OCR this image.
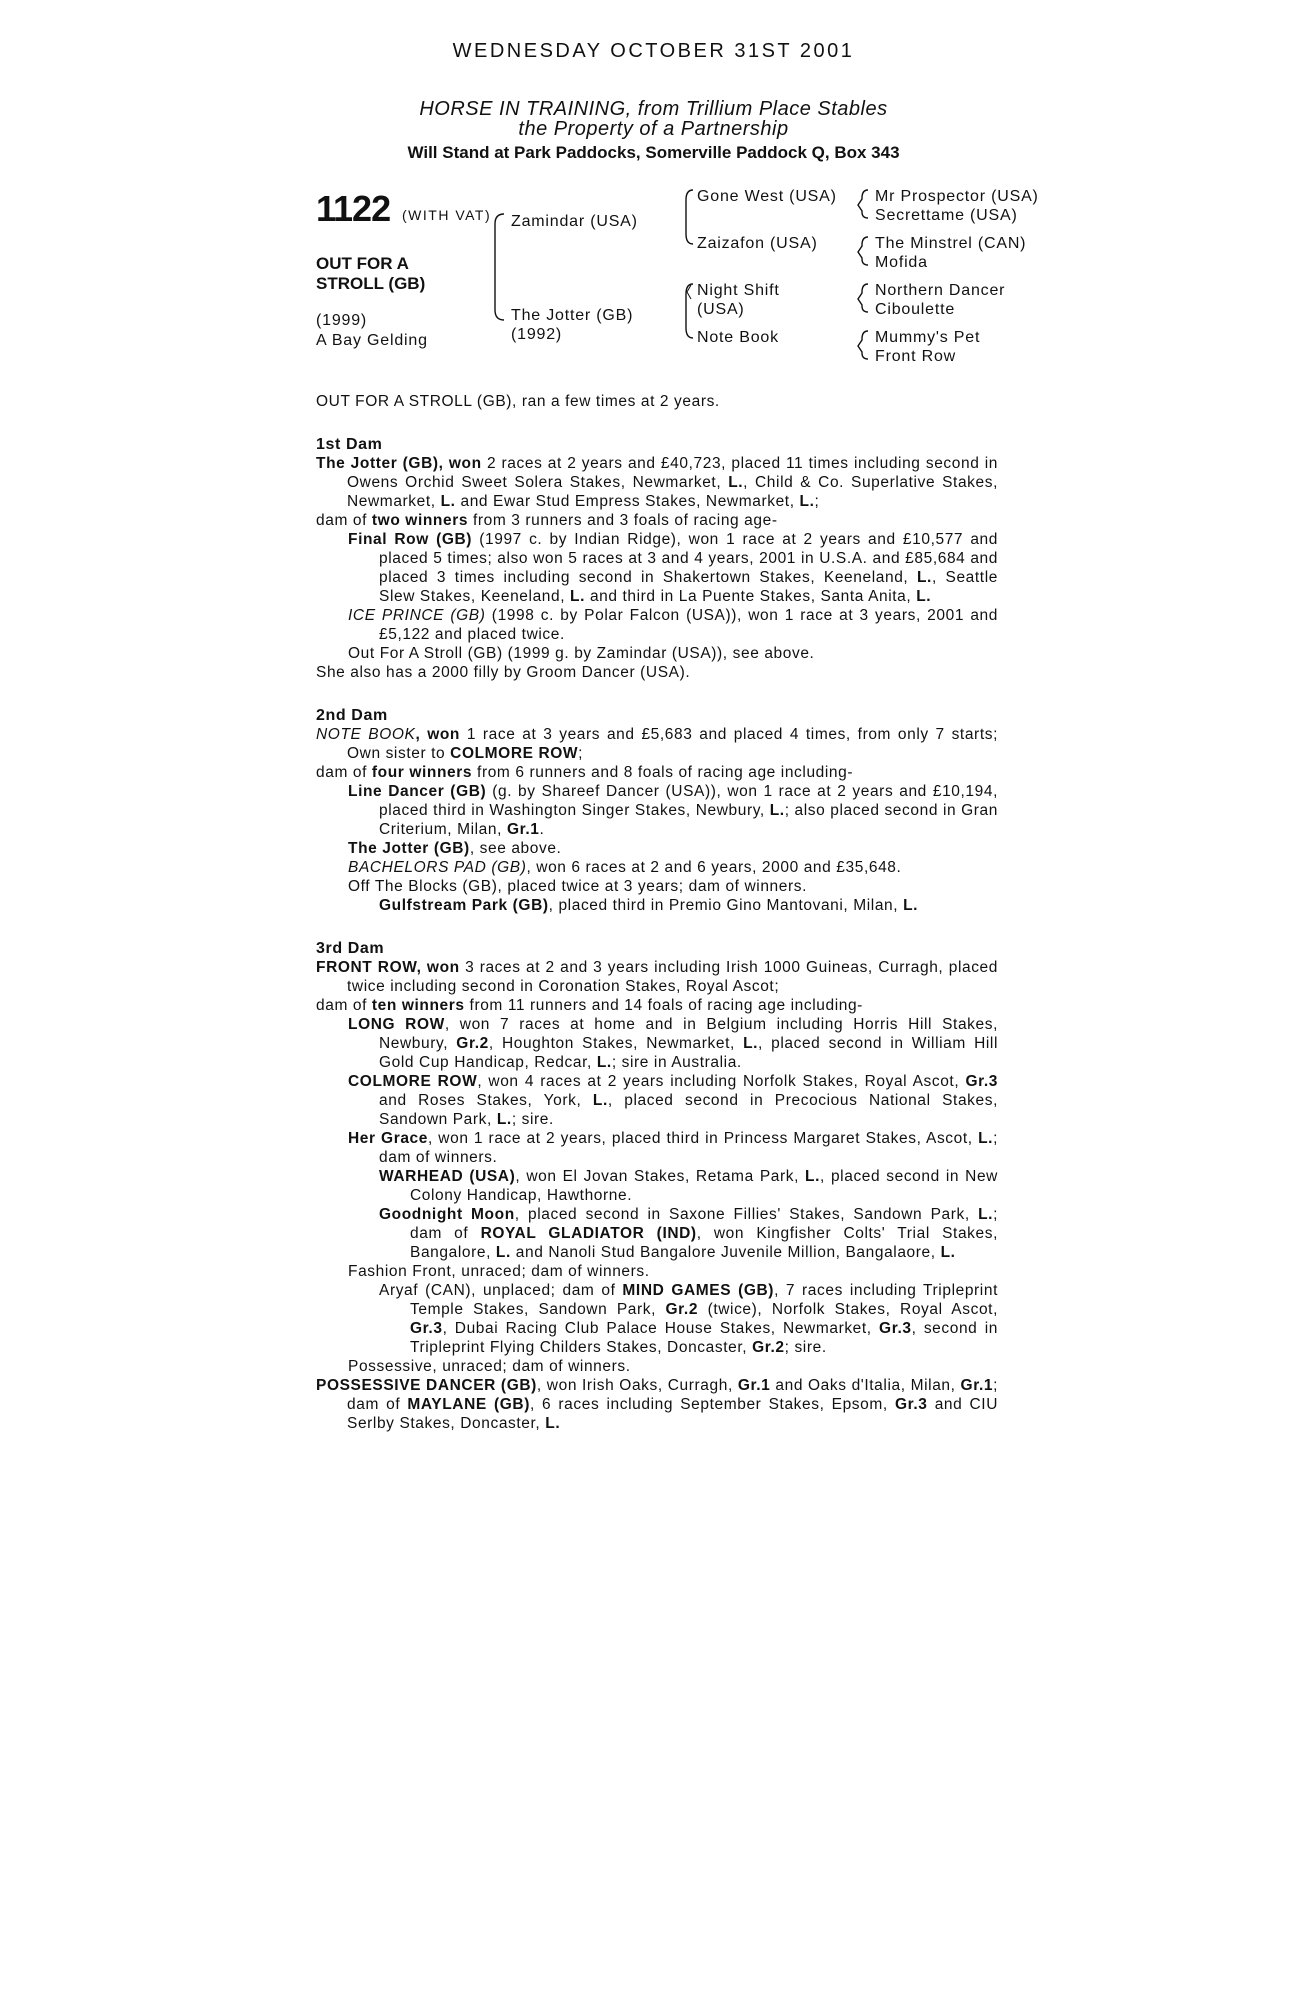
WEDNESDAY OCTOBER 31ST 2001
HORSE IN TRAINING, from Trillium Place Stables
the Property of a Partnership
Will Stand at Park Paddocks, Somerville Paddock Q, Box 343
1122 (WITH VAT)
OUT FOR A STROLL (GB)
(1999)
A Bay Gelding
Zamindar (USA)
The Jotter (GB)
(1992)
Gone West (USA)
Zaizafon (USA)
Night Shift
(USA)
Note Book
Mr Prospector (USA)
Secrettame (USA)
The Minstrel (CAN)
Mofida
Northern Dancer
Ciboulette
Mummy's Pet
Front Row

OUT FOR A STROLL (GB), ran a few times at 2 years.

1st Dam

The Jotter (GB), won 2 races at 2 years and £40,723, placed 11 times including second in Owens Orchid Sweet Solera Stakes, Newmarket, L., Child & Co. Superlative Stakes, Newmarket, L. and Ewar Stud Empress Stakes, Newmarket, L.;

dam of two winners from 3 runners and 3 foals of racing age-

Final Row (GB) (1997 c. by Indian Ridge), won 1 race at 2 years and £10,577 and placed 5 times; also won 5 races at 3 and 4 years, 2001 in U.S.A. and £85,684 and placed 3 times including second in Shakertown Stakes, Keeneland, L., Seattle Slew Stakes, Keeneland, L. and third in La Puente Stakes, Santa Anita, L.

ICE PRINCE (GB) (1998 c. by Polar Falcon (USA)), won 1 race at 3 years, 2001 and £5,122 and placed twice.

Out For A Stroll (GB) (1999 g. by Zamindar (USA)), see above.

She also has a 2000 filly by Groom Dancer (USA).

2nd Dam

NOTE BOOK, won 1 race at 3 years and £5,683 and placed 4 times, from only 7 starts; Own sister to COLMORE ROW;

dam of four winners from 6 runners and 8 foals of racing age including-

Line Dancer (GB) (g. by Shareef Dancer (USA)), won 1 race at 2 years and £10,194, placed third in Washington Singer Stakes, Newbury, L.; also placed second in Gran Criterium, Milan, Gr.1.

The Jotter (GB), see above.

BACHELORS PAD (GB), won 6 races at 2 and 6 years, 2000 and £35,648.

Off The Blocks (GB), placed twice at 3 years; dam of winners.

Gulfstream Park (GB), placed third in Premio Gino Mantovani, Milan, L.

3rd Dam

FRONT ROW, won 3 races at 2 and 3 years including Irish 1000 Guineas, Curragh, placed twice including second in Coronation Stakes, Royal Ascot;

dam of ten winners from 11 runners and 14 foals of racing age including-

LONG ROW, won 7 races at home and in Belgium including Horris Hill Stakes, Newbury, Gr.2, Houghton Stakes, Newmarket, L., placed second in William Hill Gold Cup Handicap, Redcar, L.; sire in Australia.

COLMORE ROW, won 4 races at 2 years including Norfolk Stakes, Royal Ascot, Gr.3 and Roses Stakes, York, L., placed second in Precocious National Stakes, Sandown Park, L.; sire.

Her Grace, won 1 race at 2 years, placed third in Princess Margaret Stakes, Ascot, L.; dam of winners.

WARHEAD (USA), won El Jovan Stakes, Retama Park, L., placed second in New Colony Handicap, Hawthorne.

Goodnight Moon, placed second in Saxone Fillies' Stakes, Sandown Park, L.; dam of ROYAL GLADIATOR (IND), won Kingfisher Colts' Trial Stakes, Bangalore, L. and Nanoli Stud Bangalore Juvenile Million, Bangalaore, L.

Fashion Front, unraced; dam of winners.

Aryaf (CAN), unplaced; dam of MIND GAMES (GB), 7 races including Tripleprint Temple Stakes, Sandown Park, Gr.2 (twice), Norfolk Stakes, Royal Ascot, Gr.3, Dubai Racing Club Palace House Stakes, Newmarket, Gr.3, second in Tripleprint Flying Childers Stakes, Doncaster, Gr.2; sire.

Possessive, unraced; dam of winners.

POSSESSIVE DANCER (GB), won Irish Oaks, Curragh, Gr.1 and Oaks d'Italia, Milan, Gr.1; dam of MAYLANE (GB), 6 races including September Stakes, Epsom, Gr.3 and CIU Serlby Stakes, Doncaster, L.
